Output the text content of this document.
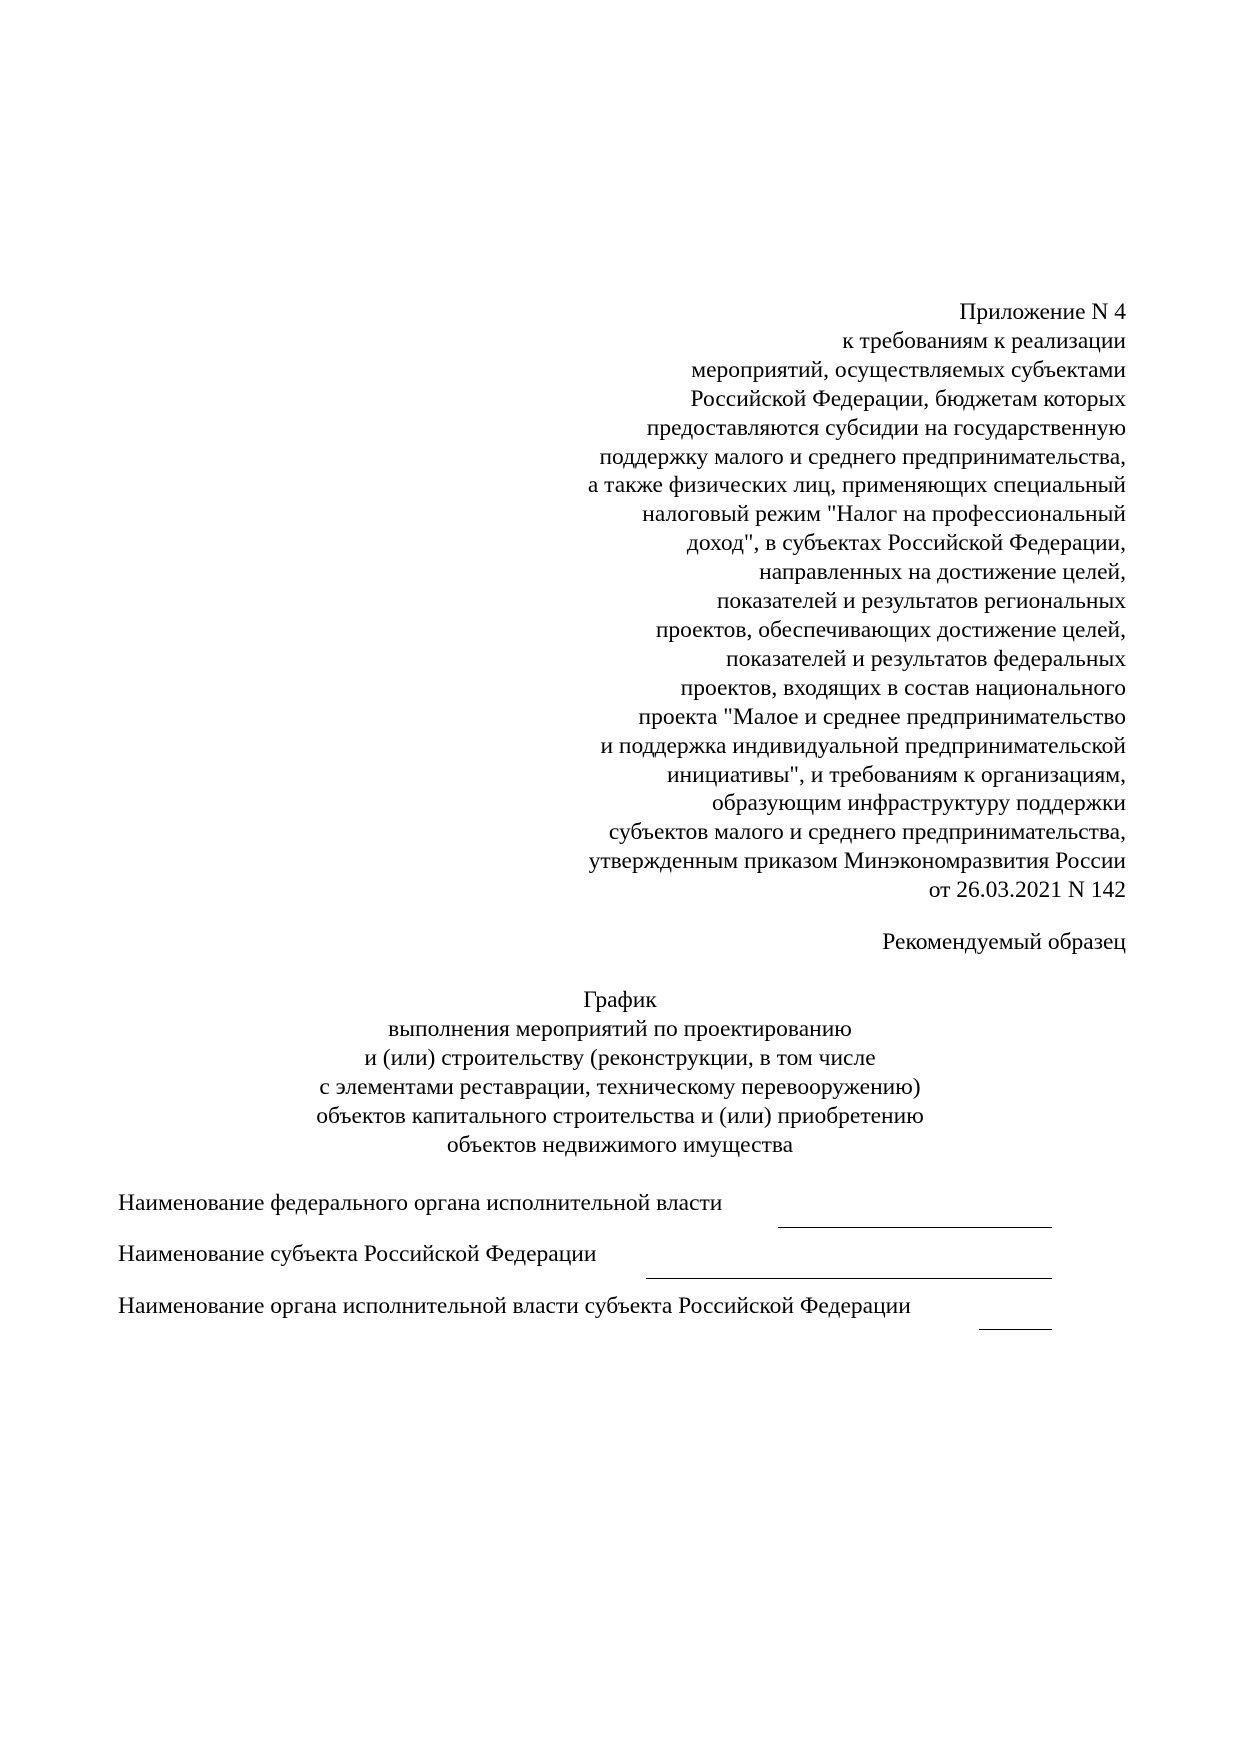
Приложение N 4
к требованиям к реализации
мероприятий, осуществляемых субъектами
Российской Федерации, бюджетам которых
предоставляются субсидии на государственную
поддержку малого и среднего предпринимательства,
а также физических лиц, применяющих специальный
налоговый режим "Налог на профессиональный
доход", в субъектах Российской Федерации,
направленных на достижение целей,
показателей и результатов региональных
проектов, обеспечивающих достижение целей,
показателей и результатов федеральных
проектов, входящих в состав национального
проекта "Малое и среднее предпринимательство
и поддержка индивидуальной предпринимательской
инициативы", и требованиям к организациям,
образующим инфраструктуру поддержки
субъектов малого и среднего предпринимательства,
утвержденным приказом Минэкономразвития России
от 26.03.2021 N 142
Рекомендуемый образец
График
выполнения мероприятий по проектированию
и (или) строительству (реконструкции, в том числе
с элементами реставрации, техническому перевооружению)
объектов капитального строительства и (или) приобретению
объектов недвижимого имущества
Наименование федерального органа исполнительной власти
Наименование субъекта Российской Федерации
Наименование органа исполнительной власти субъекта Российской Федерации
